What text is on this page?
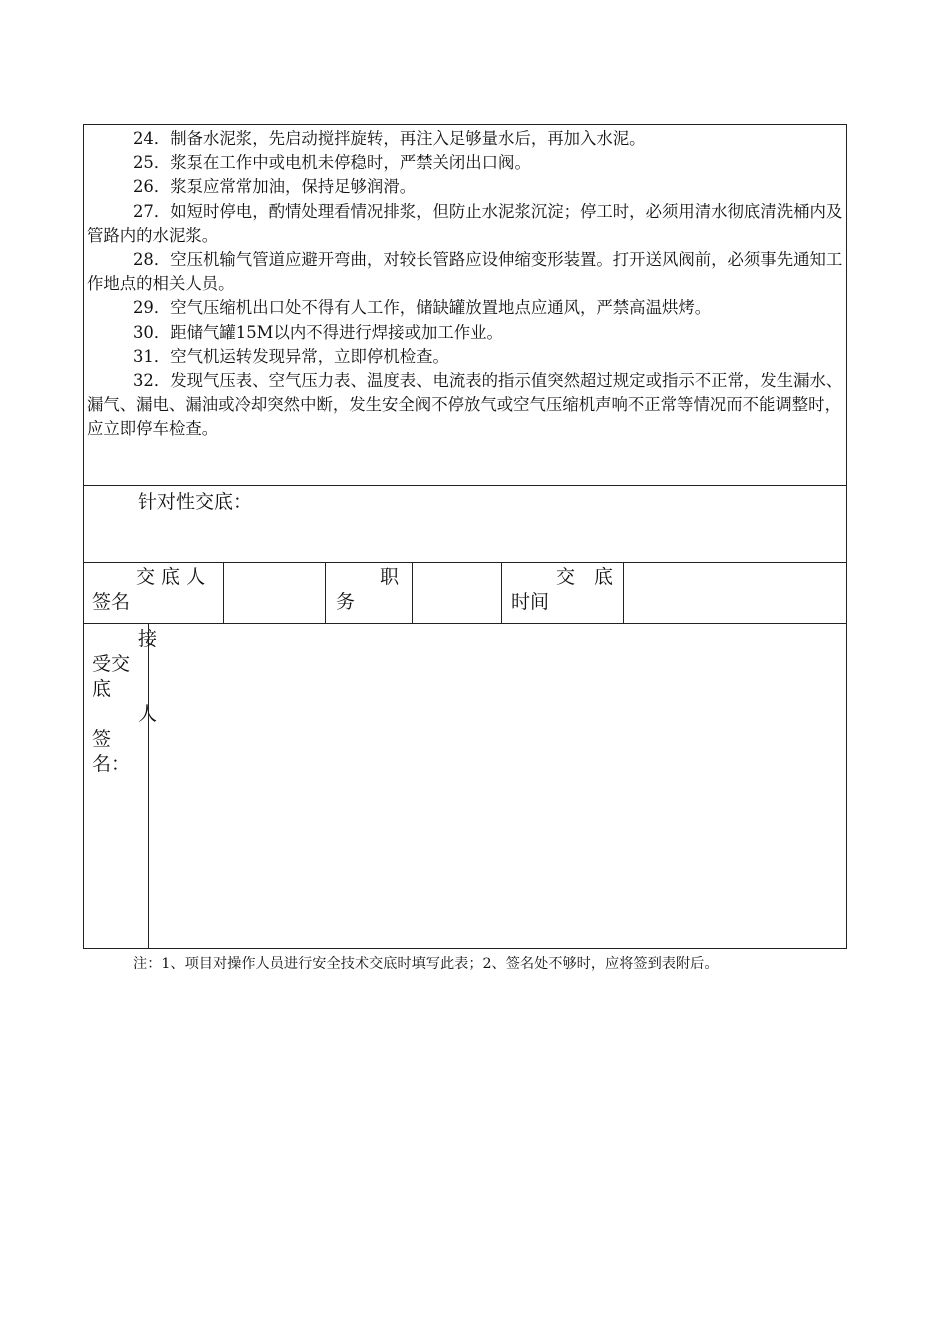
24．制备水泥浆，先启动搅拌旋转，再注入足够量水后，再加入水泥。

25．浆泵在工作中或电机未停稳时，严禁关闭出口阀。

26．浆泵应常常加油，保持足够润滑。

27．如短时停电，酌情处理看情况排浆，但防止水泥浆沉淀；停工时，必须用清水彻底清洗桶内及管路内的水泥浆。

28．空压机输气管道应避开弯曲，对较长管路应设伸缩变形装置。打开送风阀前，必须事先通知工作地点的相关人员。

29．空气压缩机出口处不得有人工作，储缺罐放置地点应通风，严禁高温烘烤。

30．距储气罐15M以内不得进行焊接或加工作业。

31．空气机运转发现异常，立即停机检查。

32．发现气压表、空气压力表、温度表、电流表的指示值突然超过规定或指示不正常，发生漏水、漏气、漏电、漏油或冷却突然中断，发生安全阀不停放气或空气压缩机声响不正常等情况而不能调整时，应立即停车检查。

针对性交底：
交 底 人
签名
职
务
交　底
时间
接
受交
底
人
签
名：
注：1、项目对操作人员进行安全技术交底时填写此表；2、签名处不够时，应将签到表附后。
